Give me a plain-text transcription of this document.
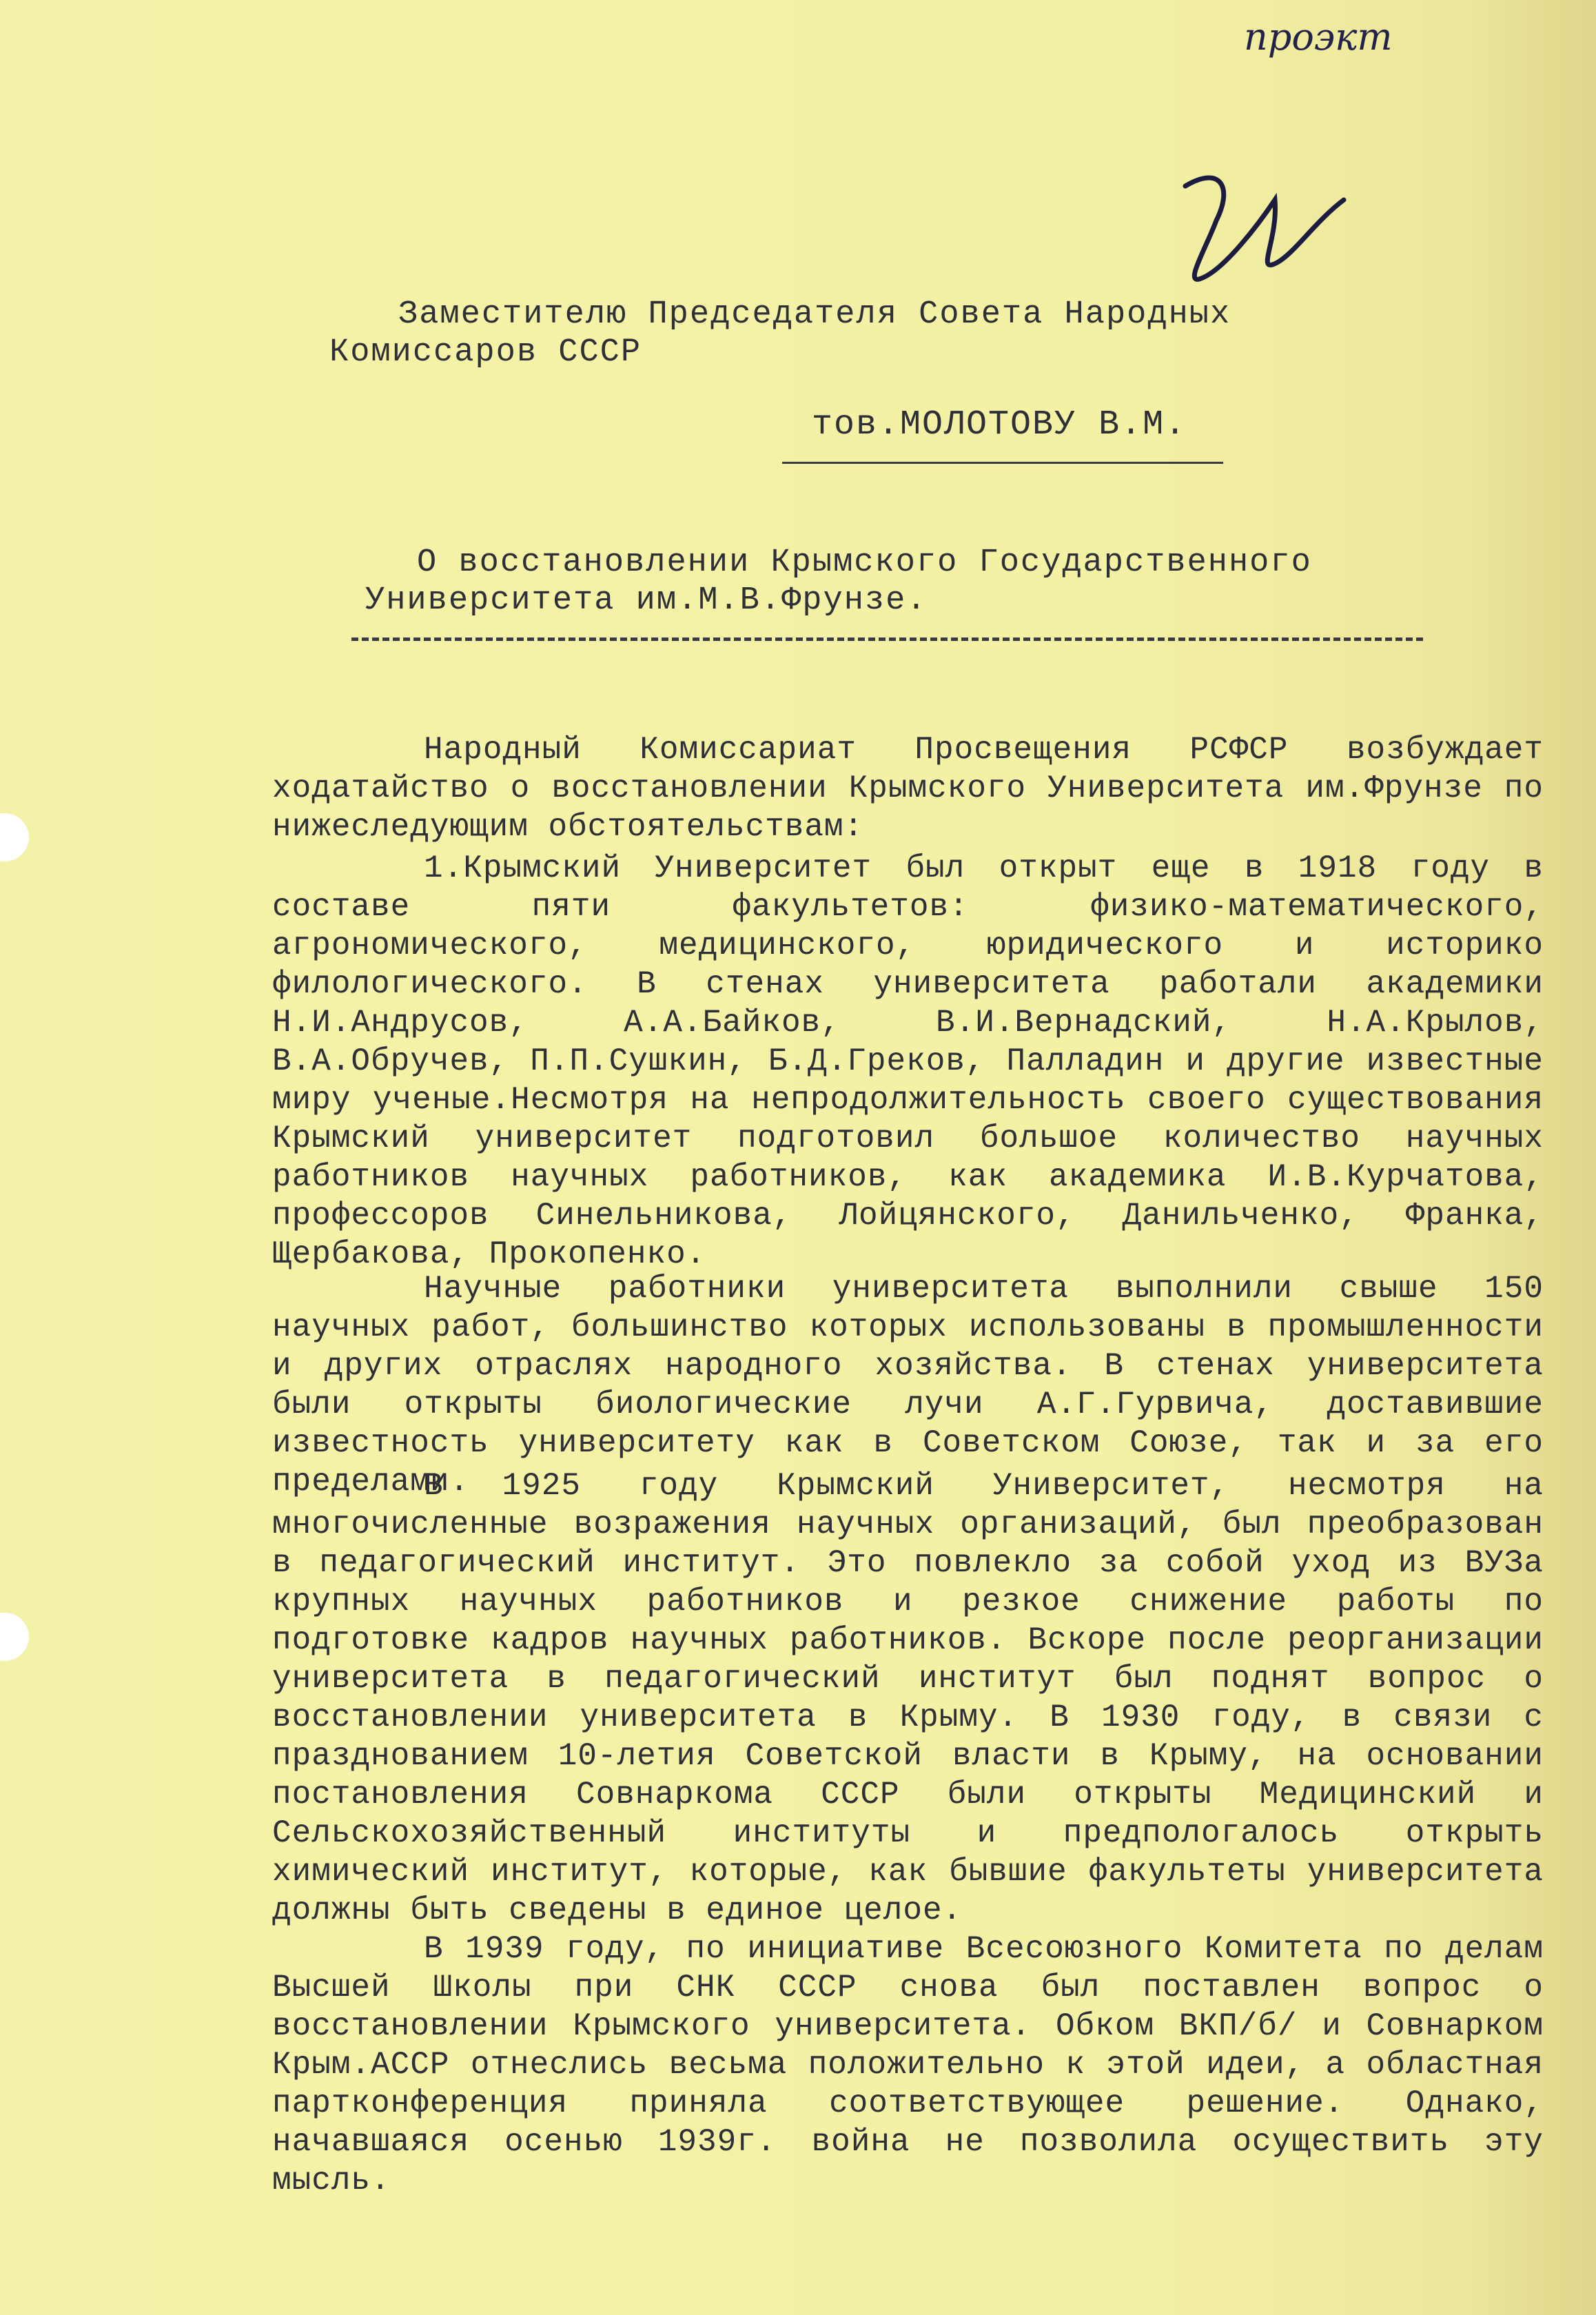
проэкт
Заместителю Председателя Совета Народных
Комиссаров СССР
тов.МОЛОТОВУ В.М.
О восстановлении Крымского Государственного
Университета им.М.В.Фрунзе.
Народный Комиссариат Просвещения РСФСР возбуждает ходатайство о восстановлении Крымского Университета им.Фрунзе по нижеследующим обстоятельствам:
1.Крымский Университет был открыт еще в 1918 году в составе пяти факультетов: физико-математического, агрономического, медицинского, юридического и историко филологического. В стенах университета работали академики Н.И.Андрусов, А.А.Байков, В.И.Вернадский, Н.А.Крылов, В.А.Обручев, П.П.Сушкин, Б.Д.Греков, Палладин и другие известные миру ученые.Несмотря на непродолжительность своего существования Крымский университет подготовил большое количество научных работников научных работников, как академика И.В.Курчатова, профессоров Синельникова, Лойцянского, Данильченко, Франка, Щербакова, Прокопенко.
Научные работники университета выполнили свыше 150 научных работ, большинство которых использованы в промышленности и других отраслях народного хозяйства. В стенах университета были открыты биологические лучи А.Г.Гурвича, доставившие известность университету как в Советском Союзе, так и за его пределами.
В 1925 году Крымский Университет, несмотря на многочисленные возражения научных организаций, был преобразован в педагогический институт. Это повлекло за собой уход из ВУЗа крупных научных работников и резкое снижение работы по подготовке кадров научных работников. Вскоре после реорганизации университета в педагогический институт был поднят вопрос о восстановлении университета в Крыму. В 1930 году, в связи с празднованием 10-летия Советской власти в Крыму, на основании постановления Совнаркома СССР были открыты Медицинский и Сельскохозяйственный институты и предпологалось открыть химический институт, которые, как бывшие факультеты университета должны быть сведены в единое целое.
В 1939 году, по инициативе Всесоюзного Комитета по делам Высшей Школы при СНК СССР снова был поставлен вопрос о восстановлении Крымского университета. Обком ВКП/б/ и Совнарком Крым.АССР отнеслись весьма положительно к этой идеи, а областная партконференция приняла соответствующее решение. Однако, начавшаяся осенью 1939г. война не позволила осуществить эту мысль.
